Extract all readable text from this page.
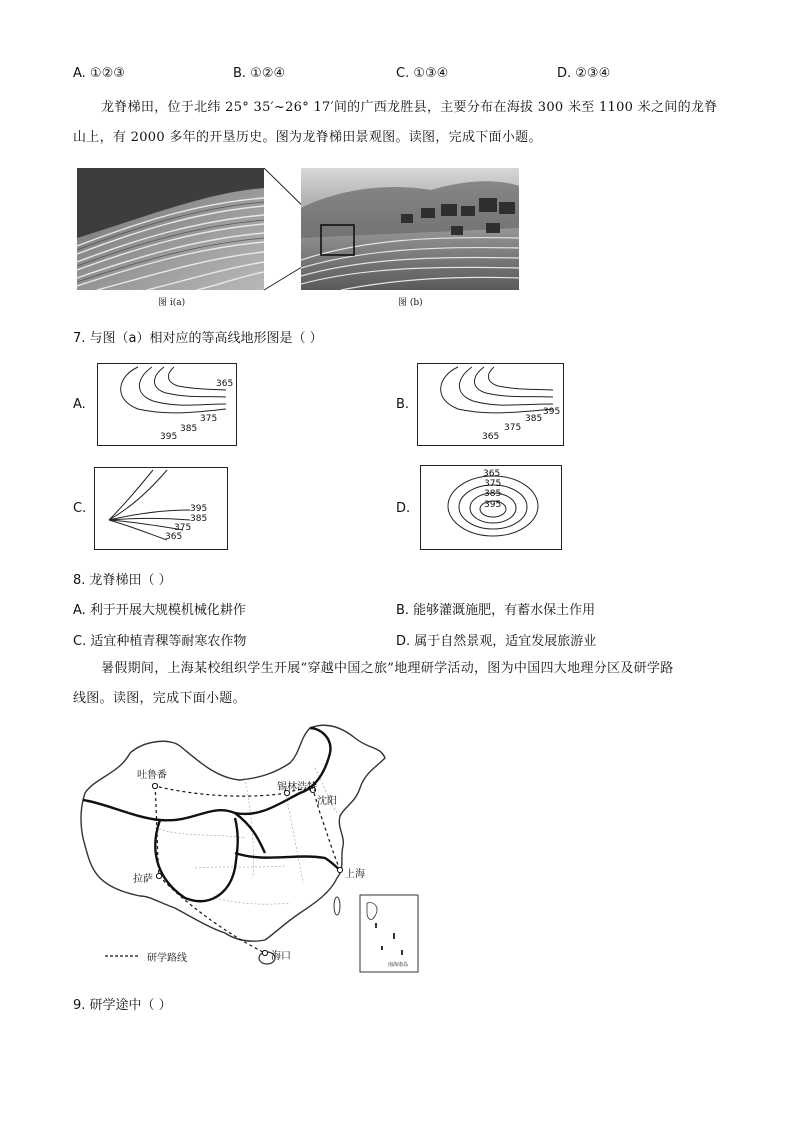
A. ①②③	B. ①②④	C. ①③④	D. ②③④
龙脊梯田，位于北纬 25° 35′~26° 17′间的广西龙胜县，主要分布在海拔 300 米至 1100 米之间的龙脊
山上，有 2000 多年的开垦历史。图为龙脊梯田景观图。读图，完成下面小题。
图 i(a)	图 (b)
7. 与图（a）相对应的等高线地形图是（ ）
A.
365
375
385
395
B.	395
385
375
365
C.	395
385
375
365
D.
365
375
385
395
8. 龙脊梯田（ ）
A. 利于开展大规模机械化耕作	B. 能够灌溉施肥，有蓄水保土作用
C. 适宜种植青稞等耐寒农作物	D. 属于自然景观，适宜发展旅游业
暑假期间，上海某校组织学生开展“穿越中国之旅”地理研学活动，图为中国四大地理分区及研学路
线图。读图，完成下面小题。
吐鲁番
锡林浩特
沈阳
拉萨	上海
海口
研学路线
南海诸岛
9. 研学途中（ ）
